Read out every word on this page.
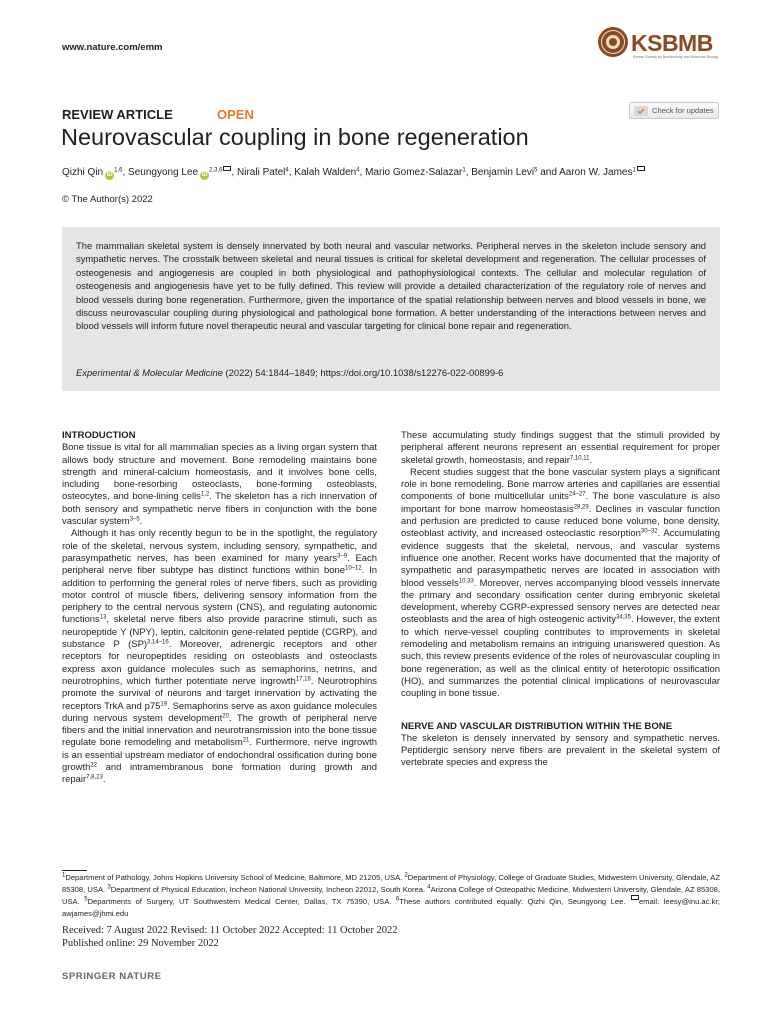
www.nature.com/emm	KSBMB
Korean Society for Biochemistry and Molecular Biology
REVIEW ARTICLE	OPEN	Check for updates
Neurovascular coupling in bone regeneration
Qizhi Qin iD$^{1,6}$, Seungyong Lee iD$^{2,3,6}$ , Nirali Patel$^4$, Kalah Walden$^4$, Mario Gomez-Salazar$^1$, Benjamin Levi$^5$ and Aaron W. James$^1$
© The Author(s) 2022
The mammalian skeletal system is densely innervated by both neural and vascular networks. Peripheral nerves in the skeleton include sensory and sympathetic nerves. The crosstalk between skeletal and neural tissues is critical for skeletal development and regeneration. The cellular processes of osteogenesis and angiogenesis are coupled in both physiological and pathophysiological contexts. The cellular and molecular regulation of osteogenesis and angiogenesis have yet to be fully defined. This review will provide a detailed characterization of the regulatory role of nerves and blood vessels during bone regeneration. Furthermore, given the importance of the spatial relationship between nerves and blood vessels in bone, we discuss neurovascular coupling during physiological and pathological bone formation. A better understanding of the interactions between nerves and blood vessels will inform future novel therapeutic neural and vascular targeting for clinical bone repair and regeneration.
Experimental & Molecular Medicine (2022) 54:1844–1849; https://doi.org/10.1038/s12276-022-00899-6
INTRODUCTION

Bone tissue is vital for all mammalian species as a living organ system that allows body structure and movement. Bone remodeling maintains bone strength and mineral-calcium homeostasis, and it involves bone cells, including bone-resorbing osteoclasts, bone-forming osteoblasts, osteocytes, and bone-lining cells$^{1,2}$. The skeleton has a rich innervation of both sensory and sympathetic nerve fibers in conjunction with the bone vascular system$^{3-5}$.

Although it has only recently begun to be in the spotlight, the regulatory role of the skeletal, nervous system, including sensory, sympathetic, and parasympathetic nerves, has been examined for many years$^{3-9}$. Each peripheral nerve fiber subtype has distinct functions within bone$^{10-12}$. In addition to performing the general roles of nerve fibers, such as providing motor control of muscle fibers, delivering sensory information from the periphery to the central nervous system (CNS), and regulating autonomic functions$^{13}$, skeletal nerve fibers also provide paracrine stimuli, such as neuropeptide Y (NPY), leptin, calcitonin gene-related peptide (CGRP), and substance P (SP)$^{3,14-16}$. Moreover, adrenergic receptors and other receptors for neuropeptides residing on osteoblasts and osteoclasts express axon guidance molecules such as semaphorins, netrins, and neurotrophins, which further potentiate nerve ingrowth$^{17,18}$. Neurotrophins promote the survival of neurons and target innervation by activating the receptors TrkA and $p75^{19}$. Semaphorins serve as axon guidance molecules during nervous system development$^{20}$. The growth of peripheral nerve fibers and the initial innervation and neurotransmission into the bone tissue regulate bone remodeling and metabolism$^{21}$. Furthermore, nerve ingrowth is an essential upstream mediator of endochondral ossification during bone growth$^{22}$ and intramembranous bone formation during growth and repair$^{7,8,23}$.

These accumulating study findings suggest that the stimuli provided by peripheral afferent neurons represent an essential requirement for proper skeletal growth, homeostasis, and repair$^{7,10,11}$.

Recent studies suggest that the bone vascular system plays a significant role in bone remodeling. Bone marrow arteries and capillaries are essential components of bone multicellular units$^{24-27}$. The bone vasculature is also important for bone marrow homeostasis$^{28,29}$. Declines in vascular function and perfusion are predicted to cause reduced bone volume, bone density, osteoblast activity, and increased osteoclastic resorption$^{30-32}$. Accumulating evidence suggests that the skeletal, nervous, and vascular systems influence one another. Recent works have documented that the majority of sympathetic and parasympathetic nerves are located in association with blood vessels$^{10,33}$. Moreover, nerves accompanying blood vessels innervate the primary and secondary ossification center during embryonic skeletal development, whereby CGRP-expressed sensory nerves are detected near osteoblasts and the area of high osteogenic activity$^{34,35}$. However, the extent to which nerve-vessel coupling contributes to improvements in skeletal remodeling and metabolism remains an intriguing unanswered question. As such, this review presents evidence of the roles of neurovascular coupling in bone regeneration, as well as the clinical entity of heterotopic ossification (HO), and summarizes the potential clinical implications of neurovascular coupling in bone tissue.

NERVE AND VASCULAR DISTRIBUTION WITHIN THE BONE

The skeleton is densely innervated by sensory and sympathetic nerves. Peptidergic sensory nerve fibers are prevalent in the skeletal system of vertebrate species and express the

$^1$Department of Pathology, Johns Hopkins University School of Medicine, Baltimore, MD 21205, USA. $^2$Department of Physiology, College of Graduate Studies, Midwestern University, Glendale, AZ 85308, USA. $^3$Department of Physical Education, Incheon National University, Incheon 22012, South Korea. $^4$Arizona College of Osteopathic Medicine, Midwestern University, Glendale, AZ 85308, USA. $^5$Departments of Surgery, UT Southwestern Medical Center, Dallas, TX 75390, USA. $^6$These authors contributed equally: Qizhi Qin, Seungyong Lee. email: leesy@inu.ac.kr; awjames@jhmi.edu
Received: 7 August 2022 Revised: 11 October 2022 Accepted: 11 October 2022
Published online: 29 November 2022
SPRINGER NATURE
